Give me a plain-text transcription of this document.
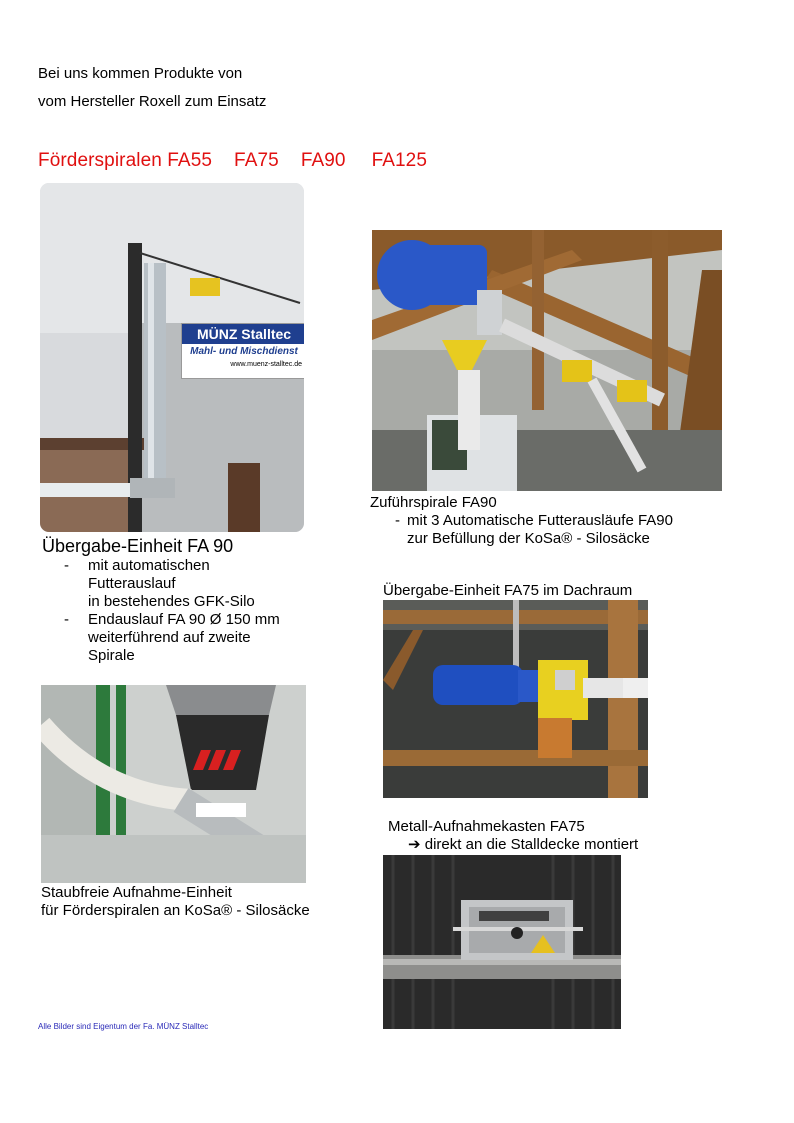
Bei uns kommen Produkte von
vom Hersteller Roxell zum Einsatz
Förderspiralen FA55 FA75 FA90 FA125
MÜNZ Stalltec
Mahl- und Mischdienst
www.muenz-stalltec.de
Übergabe-Einheit FA 90
- mit automatischen
Futterauslauf
in bestehendes GFK-Silo
- Endauslauf FA 90 Ø 150 mm
weiterführend auf zweite
Spirale
Zuführspirale FA90
- mit 3 Automatische Futterausläufe FA90
zur Befüllung der KoSa® - Silosäcke
Übergabe-Einheit FA75 im Dachraum
Staubfreie Aufnahme-Einheit
für Förderspiralen an KoSa® - Silosäcke
Metall-Aufnahmekasten FA75
➔ direkt an die Stalldecke montiert
Alle Bilder sind Eigentum der Fa. MÜNZ Stalltec
